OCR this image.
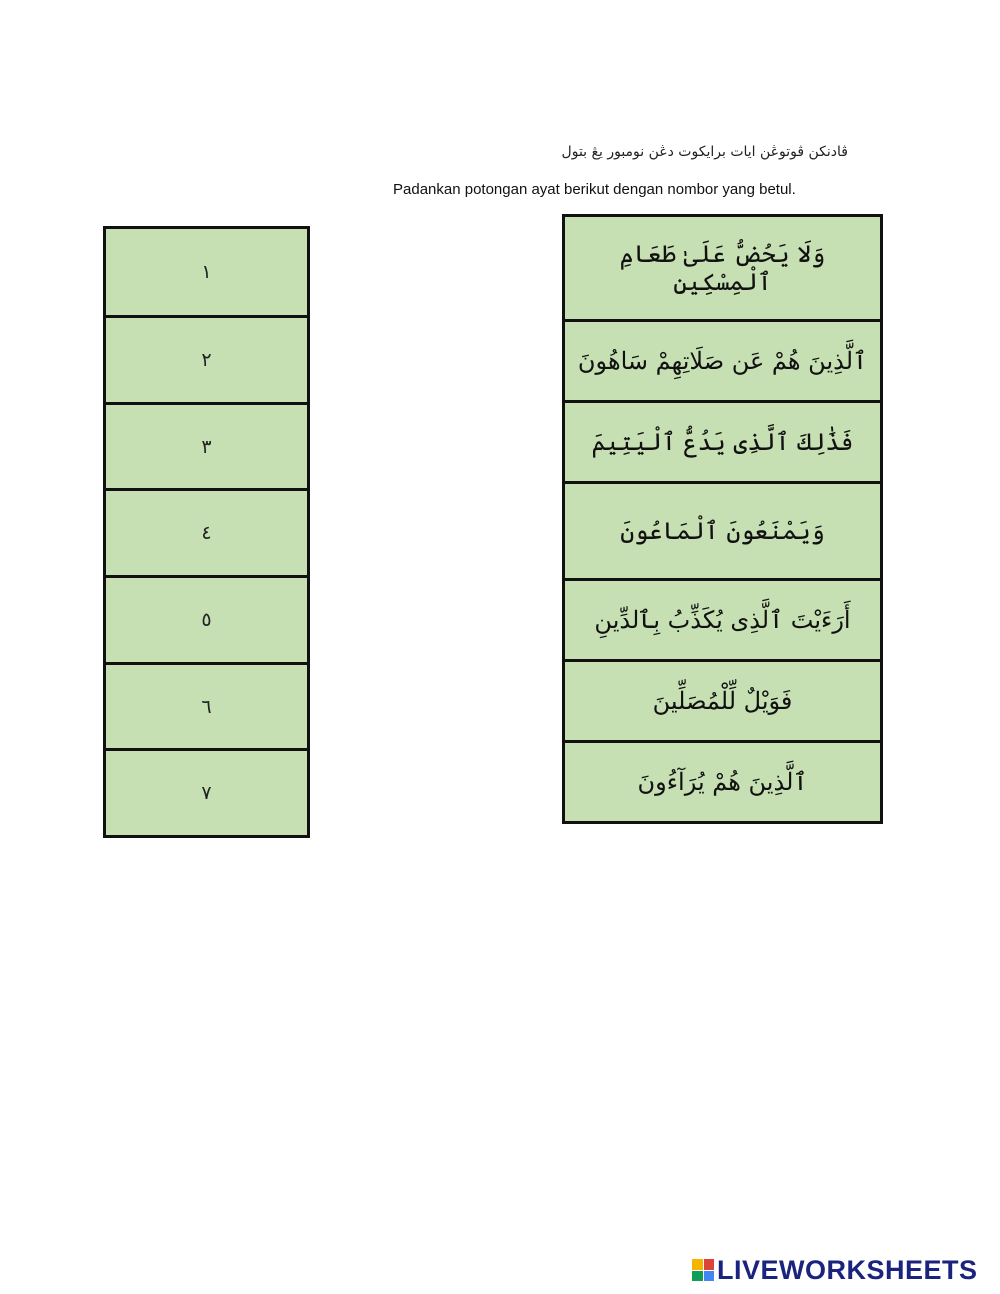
ڤادنكن ڤوتوڠن ايات برايكوت دڠن نومبور يڠ بتول
Padankan potongan ayat berikut dengan nombor yang betul.
١
٢
٣
٤
٥
٦
٧
وَلَا يَحُضُّ عَلَىٰ طَعَامِ ٱلْمِسْكِينِ
ٱلَّذِينَ هُمْ عَن صَلَاتِهِمْ سَاهُونَ
فَذَٰلِكَ ٱلَّذِى يَدُعُّ ٱلْيَتِيمَ
وَيَمْنَعُونَ ٱلْمَاعُونَ
أَرَءَيْتَ ٱلَّذِى يُكَذِّبُ بِٱلدِّينِ
فَوَيْلٌ لِّلْمُصَلِّينَ
ٱلَّذِينَ هُمْ يُرَآءُونَ
LIVEWORKSHEETS
